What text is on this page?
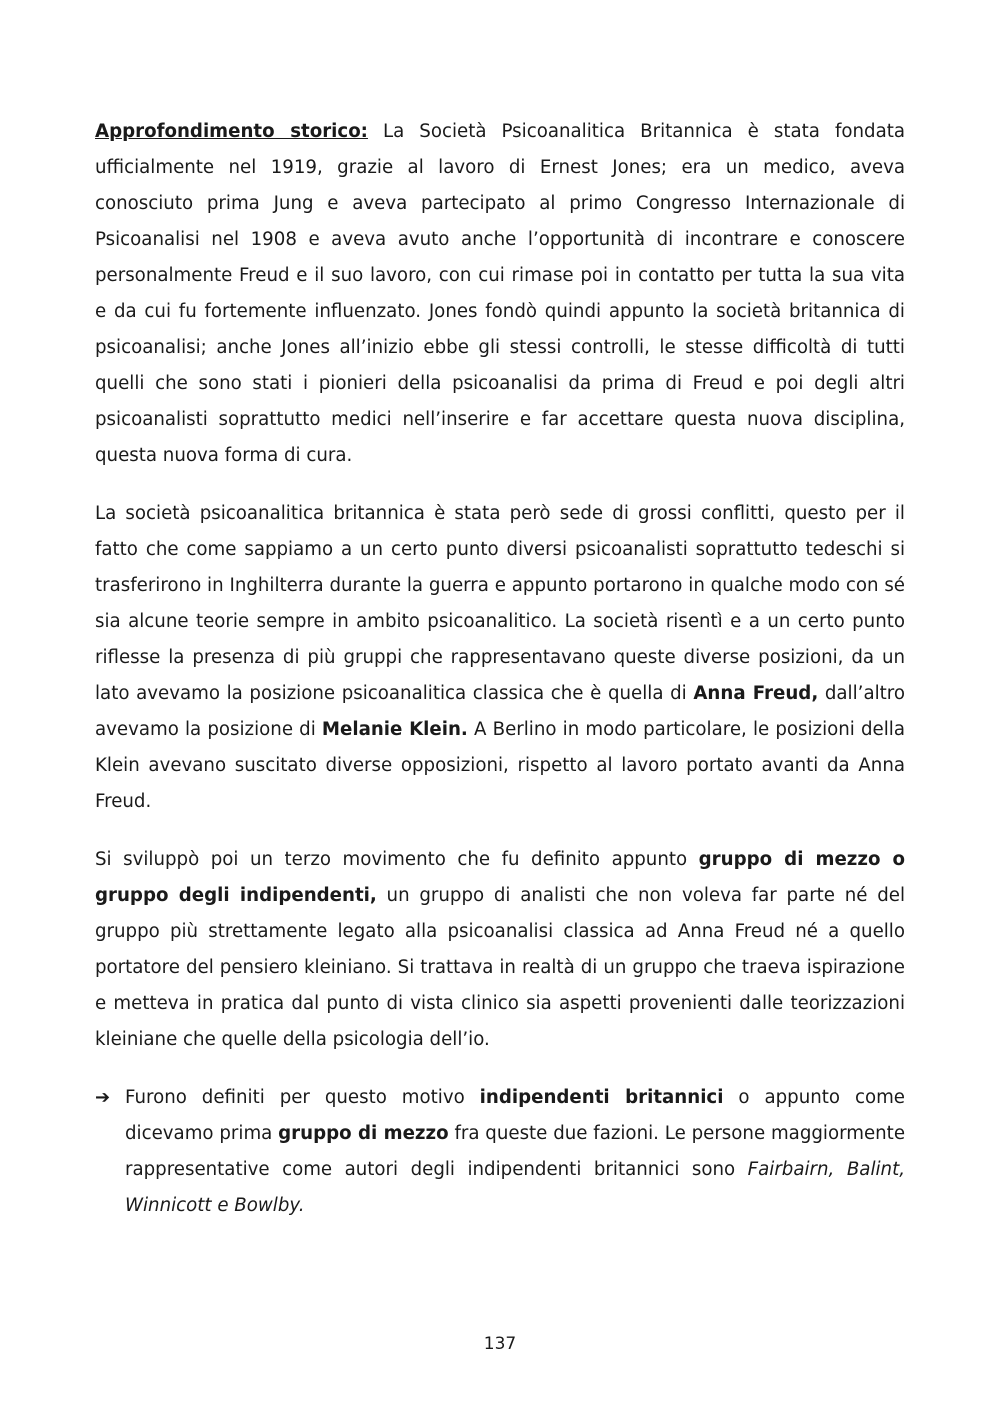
Approfondimento storico: La Società Psicoanalitica Britannica è stata fondata ufficialmente nel 1919, grazie al lavoro di Ernest Jones; era un medico, aveva conosciuto prima Jung e aveva partecipato al primo Congresso Internazionale di Psicoanalisi nel 1908 e aveva avuto anche l’opportunità di incontrare e conoscere personalmente Freud e il suo lavoro, con cui rimase poi in contatto per tutta la sua vita e da cui fu fortemente influenzato. Jones fondò quindi appunto la società britannica di psicoanalisi; anche Jones all’inizio ebbe gli stessi controlli, le stesse difficoltà di tutti quelli che sono stati i pionieri della psicoanalisi da prima di Freud e poi degli altri psicoanalisti soprattutto medici nell’inserire e far accettare questa nuova disciplina, questa nuova forma di cura.

La società psicoanalitica britannica è stata però sede di grossi conflitti, questo per il fatto che come sappiamo a un certo punto diversi psicoanalisti soprattutto tedeschi si trasferirono in Inghilterra durante la guerra e appunto portarono in qualche modo con sé sia alcune teorie sempre in ambito psicoanalitico. La società risentì e a un certo punto riflesse la presenza di più gruppi che rappresentavano queste diverse posizioni, da un lato avevamo la posizione psicoanalitica classica che è quella di Anna Freud, dall’altro avevamo la posizione di Melanie Klein. A Berlino in modo particolare, le posizioni della Klein avevano suscitato diverse opposizioni, rispetto al lavoro portato avanti da Anna Freud.

Si sviluppò poi un terzo movimento che fu definito appunto gruppo di mezzo o gruppo degli indipendenti, un gruppo di analisti che non voleva far parte né del gruppo più strettamente legato alla psicoanalisi classica ad Anna Freud né a quello portatore del pensiero kleiniano. Si trattava in realtà di un gruppo che traeva ispirazione e metteva in pratica dal punto di vista clinico sia aspetti provenienti dalle teorizzazioni kleiniane che quelle della psicologia dell’io.

➔ Furono definiti per questo motivo indipendenti britannici o appunto come dicevamo prima gruppo di mezzo fra queste due fazioni. Le persone maggiormente rappresentative come autori degli indipendenti britannici sono Fairbairn, Balint, Winnicott e Bowlby.

137
